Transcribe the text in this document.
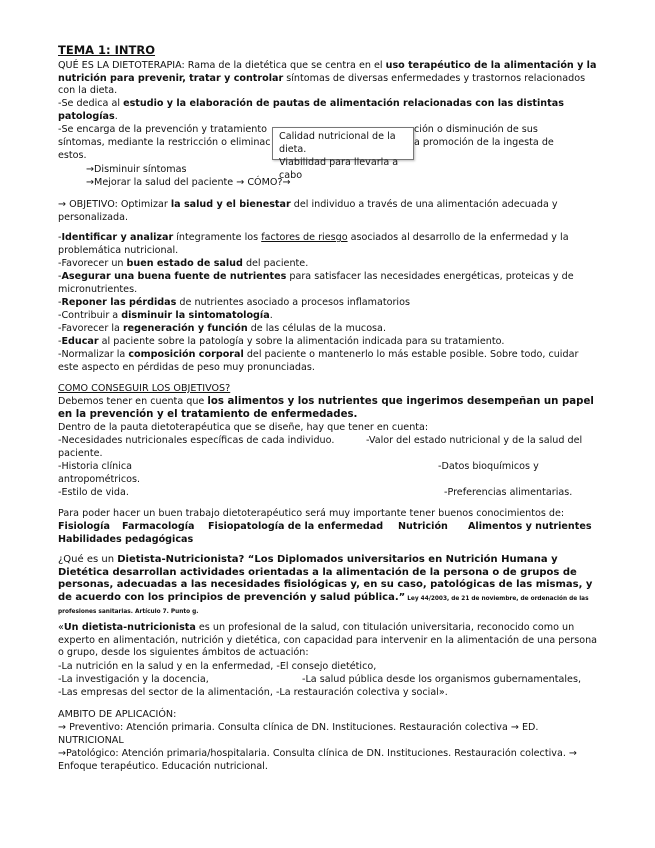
TEMA 1: INTRO

QUÉ ES LA DIETOTERAPIA: Rama de la dietética que se centra en el uso terapéutico de la alimentación y la nutrición para prevenir, tratar y controlar síntomas de diversas enfermedades y trastornos relacionados con la dieta.

-Se dedica al estudio y la elaboración de pautas de alimentación relacionadas con las distintas patologías.

-Se encarga de la prevención y tratamiento	ción o disminución de sus
síntomas, mediante la restricción o eliminac	a promoción de la ingesta de
estos.
Calidad nutricional de la dieta.
Viabilidad para llevarla a cabo
→Disminuir síntomas
→Mejorar la salud del paciente → CÓMO?→

→ OBJETIVO: Optimizar la salud y el bienestar del individuo a través de una alimentación adecuada y personalizada.

-Identificar y analizar íntegramente los factores de riesgo asociados al desarrollo de la enfermedad y la problemática nutricional.

-Favorecer un buen estado de salud del paciente.

-Asegurar una buena fuente de nutrientes para satisfacer las necesidades energéticas, proteicas y de micronutrientes.

-Reponer las pérdidas de nutrientes asociado a procesos inflamatorios

-Contribuir a disminuir la sintomatología.

-Favorecer la regeneración y función de las células de la mucosa.

-Educar al paciente sobre la patología y sobre la alimentación indicada para su tratamiento.

-Normalizar la composición corporal del paciente o mantenerlo lo más estable posible. Sobre todo, cuidar este aspecto en pérdidas de peso muy pronunciadas.

COMO CONSEGUIR LOS OBJETIVOS?

Debemos tener en cuenta que los alimentos y los nutrientes que ingerimos desempeñan un papel en la prevención y el tratamiento de enfermedades.

Dentro de la pauta dietoterapéutica que se diseñe, hay que tener en cuenta:
-Necesidades nutricionales específicas de cada individuo.	-Valor del estado nutricional y de la salud del
paciente.
-Historia clínica	-Datos bioquímicos y
antropométricos.
-Estilo de vida.	-Preferencias alimentarias.
Para poder hacer un buen trabajo dietoterapéutico será muy importante tener buenos conocimientos de:
Fisiología Farmacología Fisiopatología de la enfermedad Nutrición Alimentos y nutrientes
Habilidades pedagógicas

¿Qué es un Dietista-Nutricionista? “Los Diplomados universitarios en Nutrición Humana y Dietética desarrollan actividades orientadas a la alimentación de la persona o de grupos de personas, adecuadas a las necesidades fisiológicas y, en su caso, patológicas de las mismas, y de acuerdo con los principios de prevención y salud pública.” Ley 44/2003, de 21 de noviembre, de ordenación de las profesiones sanitarias. Artículo 7. Punto g.

«Un dietista-nutricionista es un profesional de la salud, con titulación universitaria, reconocido como un experto en alimentación, nutrición y dietética, con capacidad para intervenir en la alimentación de una persona o grupo, desde los siguientes ámbitos de actuación:

-La nutrición en la salud y en la enfermedad, -El consejo dietético,
-La investigación y la docencia,	-La salud pública desde los organismos gubernamentales,
-Las empresas del sector de la alimentación, -La restauración colectiva y social».
AMBITO DE APLICACIÓN:
→ Preventivo: Atención primaria. Consulta clínica de DN. Instituciones. Restauración colectiva → ED. NUTRICIONAL
→Patológico: Atención primaria/hospitalaria. Consulta clínica de DN. Instituciones. Restauración colectiva. → Enfoque terapéutico. Educación nutricional.
